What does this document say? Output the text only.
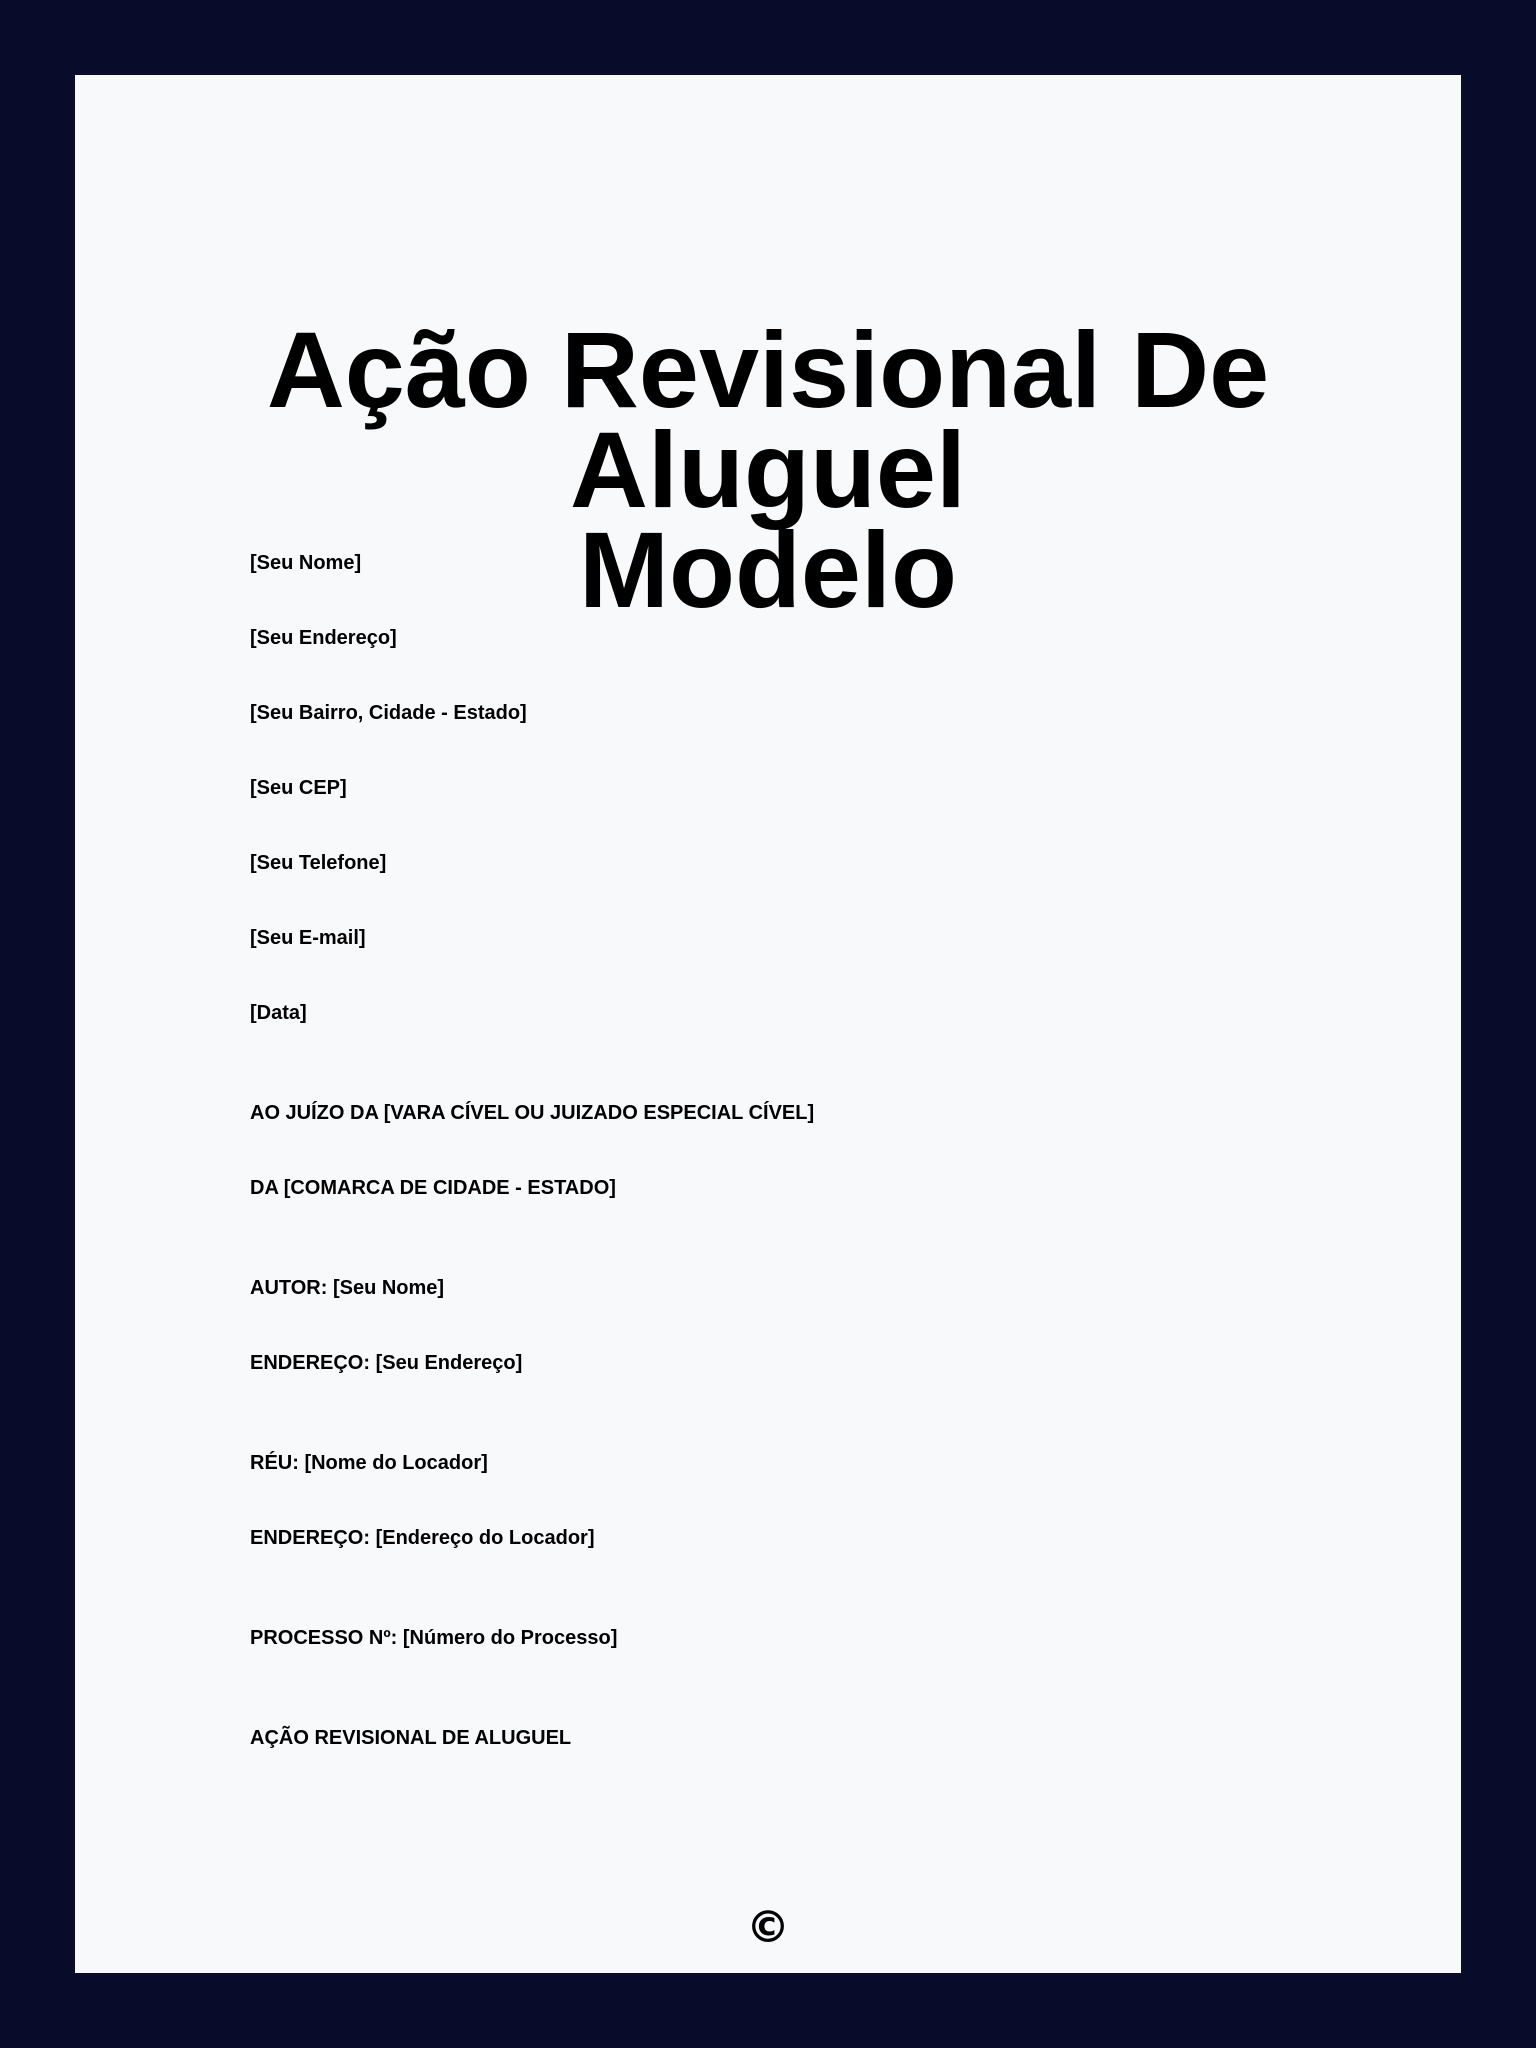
Ação Revisional De Aluguel
Modelo

[Seu Nome]

[Seu Endereço]

[Seu Bairro, Cidade - Estado]

[Seu CEP]

[Seu Telefone]

[Seu E-mail]

[Data]

AO JUÍZO DA [VARA CÍVEL OU JUIZADO ESPECIAL CÍVEL]

DA [COMARCA DE CIDADE - ESTADO]

AUTOR: [Seu Nome]

ENDEREÇO: [Seu Endereço]

RÉU: [Nome do Locador]

ENDEREÇO: [Endereço do Locador]

PROCESSO Nº: [Número do Processo]

AÇÃO REVISIONAL DE ALUGUEL

©
